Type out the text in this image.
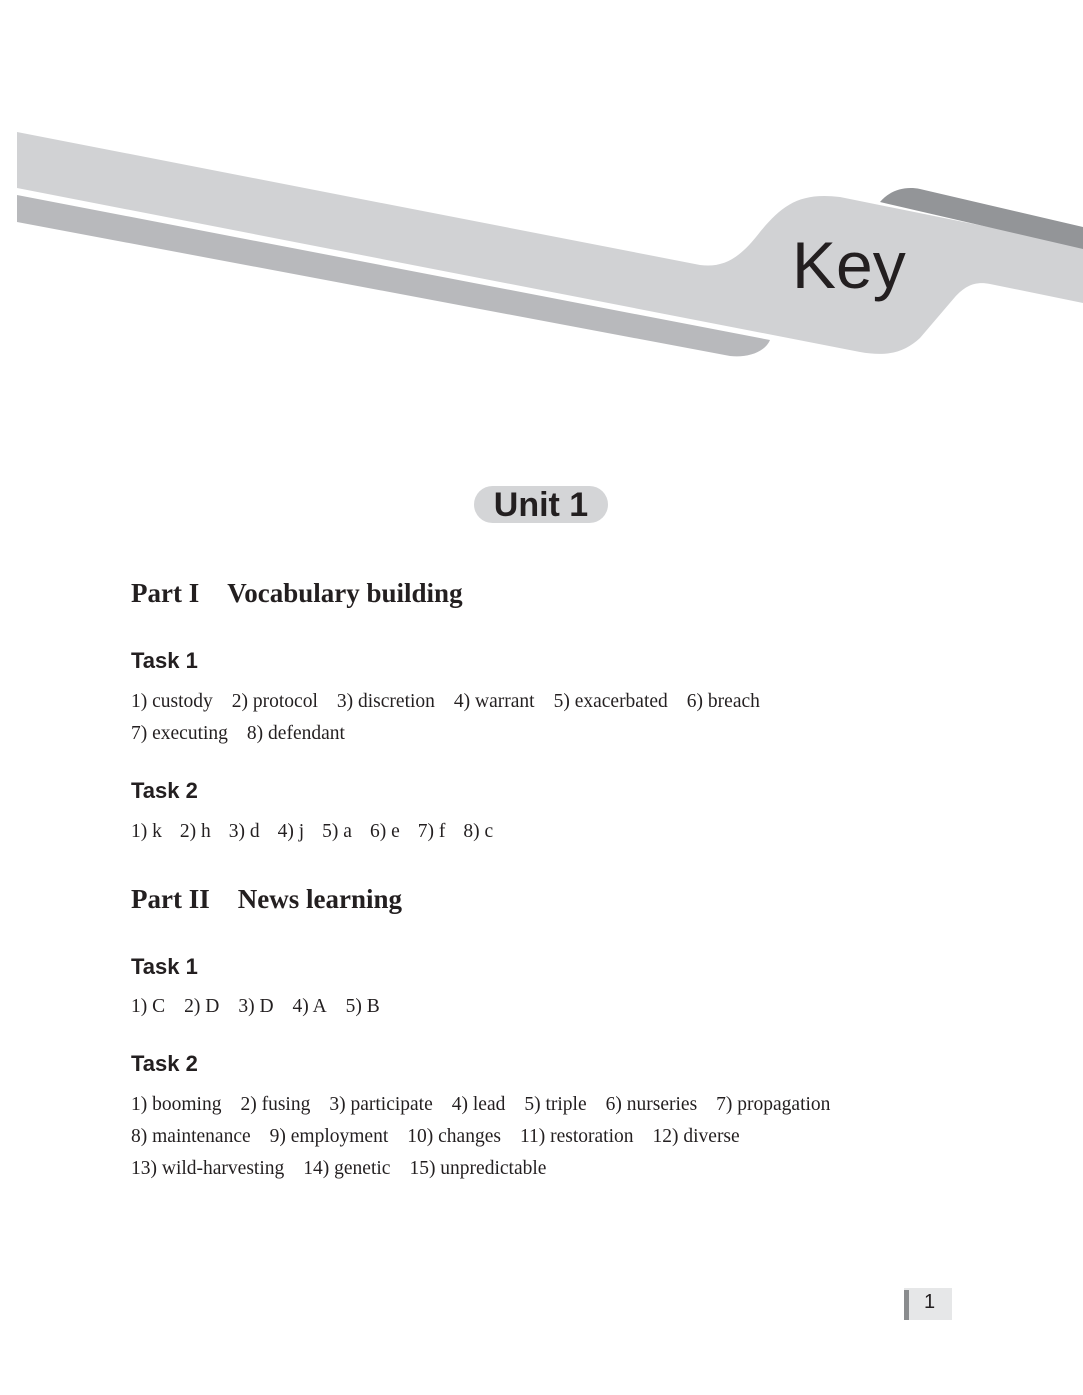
Key
Unit 1
Part I Vocabulary building
Task 1
1) custody 2) protocol 3) discretion 4) warrant 5) exacerbated 6) breach
7) executing 8) defendant
Task 2
1) k 2) h 3) d 4) j 5) a 6) e 7) f 8) c
Part II News learning
Task 1
1) C 2) D 3) D 4) A 5) B
Task 2
1) booming 2) fusing 3) participate 4) lead 5) triple 6) nurseries 7) propagation
8) maintenance 9) employment 10) changes 11) restoration 12) diverse
13) wild-harvesting 14) genetic 15) unpredictable
1
